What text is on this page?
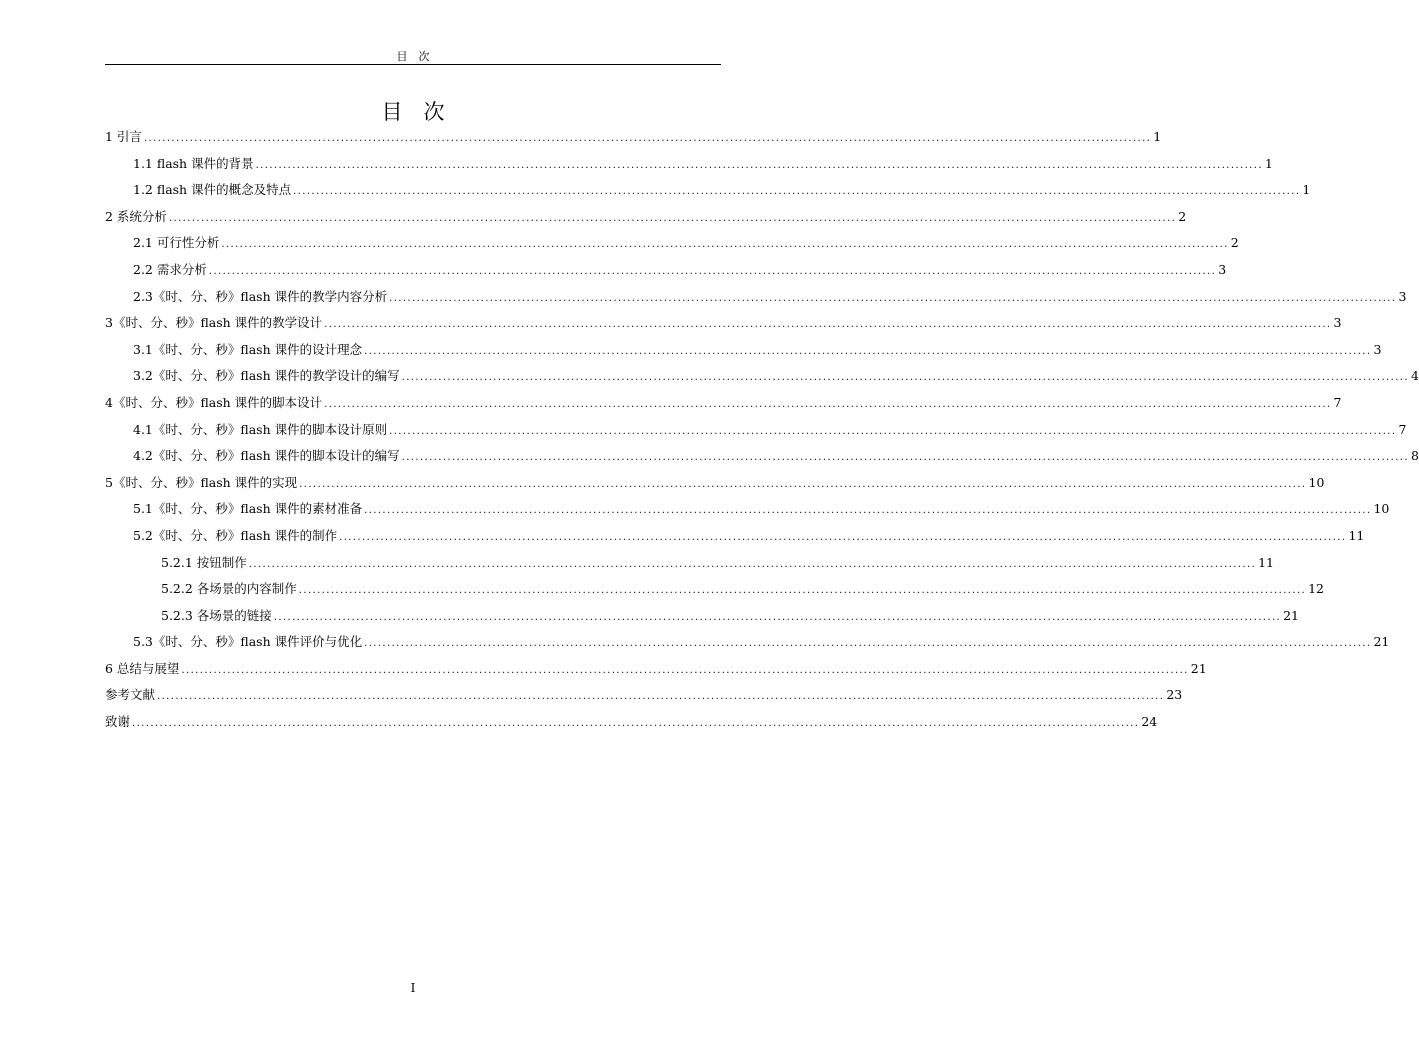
目　次
目　次
1 引言 ............................................................................................................................................................................................................................ 1
1.1 flash 课件的背景 ............................................................................................................................................................................................................................ 1
1.2 flash 课件的概念及特点 ............................................................................................................................................................................................................................ 1
2 系统分析 ............................................................................................................................................................................................................................ 2
2.1 可行性分析 ............................................................................................................................................................................................................................ 2
2.2 需求分析 ............................................................................................................................................................................................................................ 3
2.3《时、分、秒》flash 课件的教学内容分析 ............................................................................................................................................................................................................................ 3
3《时、分、秒》flash 课件的教学设计 ............................................................................................................................................................................................................................ 3
3.1《时、分、秒》flash 课件的设计理念 ............................................................................................................................................................................................................................ 3
3.2《时、分、秒》flash 课件的教学设计的编写 ............................................................................................................................................................................................................................ 4
4《时、分、秒》flash 课件的脚本设计 ............................................................................................................................................................................................................................ 7
4.1《时、分、秒》flash 课件的脚本设计原则 ............................................................................................................................................................................................................................ 7
4.2《时、分、秒》flash 课件的脚本设计的编写 ............................................................................................................................................................................................................................ 8
5《时、分、秒》flash 课件的实现 ............................................................................................................................................................................................................................ 10
5.1《时、分、秒》flash 课件的素材准备 ............................................................................................................................................................................................................................ 10
5.2《时、分、秒》flash 课件的制作 ............................................................................................................................................................................................................................ 11
5.2.1 按钮制作 ............................................................................................................................................................................................................................ 11
5.2.2 各场景的内容制作 ............................................................................................................................................................................................................................ 12
5.2.3 各场景的链接 ............................................................................................................................................................................................................................ 21
5.3《时、分、秒》flash 课件评价与优化 ............................................................................................................................................................................................................................ 21
6 总结与展望 ............................................................................................................................................................................................................................ 21
参考文献 ............................................................................................................................................................................................................................ 23
致谢 ............................................................................................................................................................................................................................ 24
I
